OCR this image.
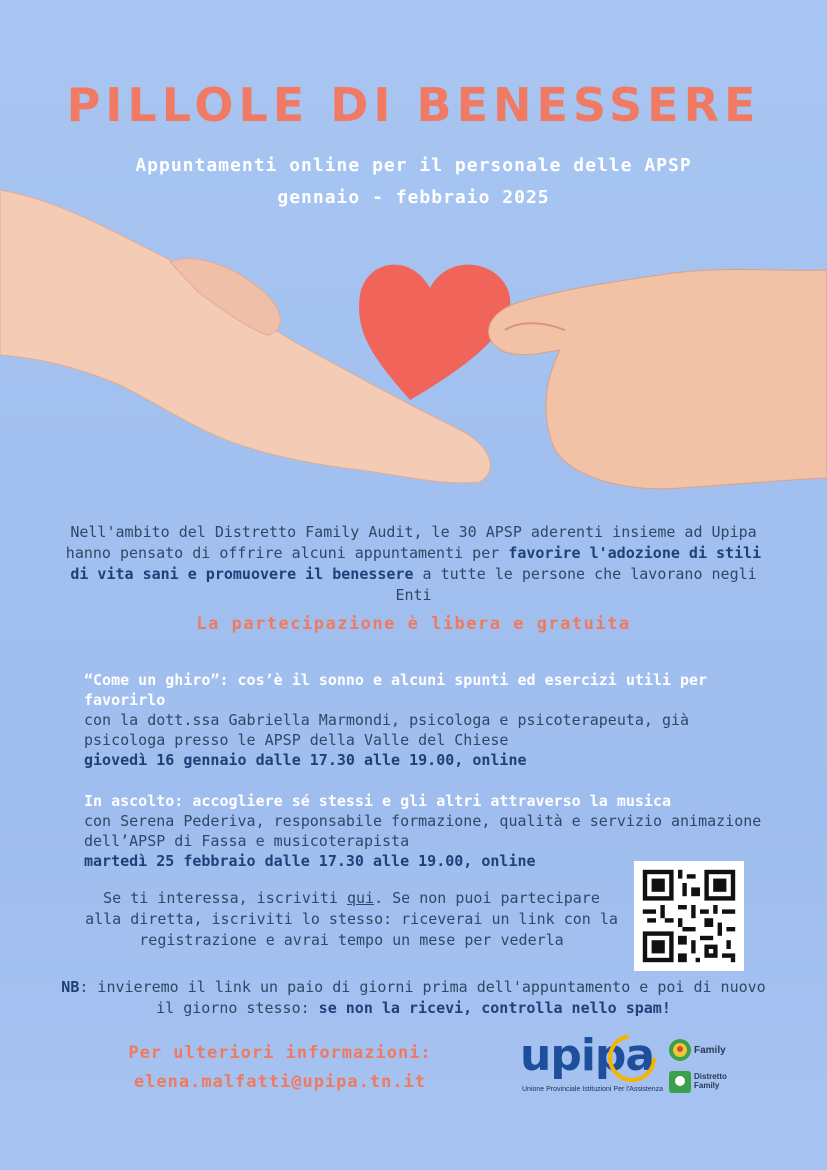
PILLOLE DI BENESSERE
Appuntamenti online per il personale delle APSP
gennaio - febbraio 2025
Nell'ambito del Distretto Family Audit, le 30 APSP aderenti insieme ad Upipa hanno pensato di offrire alcuni appuntamenti per favorire l'adozione di stili di vita sani e promuovere il benessere a tutte le persone che lavorano negli Enti
La partecipazione è libera e gratuita
“Come un ghiro”: cos’è il sonno e alcuni spunti ed esercizi utili per favorirlo
con la dott.ssa Gabriella Marmondi, psicologa e psicoterapeuta, già psicologa presso le APSP della Valle del Chiese
giovedì 16 gennaio dalle 17.30 alle 19.00, online
In ascolto: accogliere sé stessi e gli altri attraverso la musica
con Serena Pederiva, responsabile formazione, qualità e servizio animazione dell’APSP di Fassa e musicoterapista
martedì 25 febbraio dalle 17.30 alle 19.00, online
Se ti interessa, iscriviti qui. Se non puoi partecipare alla diretta, iscriviti lo stesso: riceverai un link con la registrazione e avrai tempo un mese per vederla
NB: invieremo il link un paio di giorni prima dell'appuntamento e poi di nuovo il giorno stesso: se non la ricevi, controlla nello spam!
Per ulteriori informazioni:
elena.malfatti@upipa.tn.it
upipa
Unione Provinciale Istituzioni Per l'Assistenza
Family
Distretto
Family
